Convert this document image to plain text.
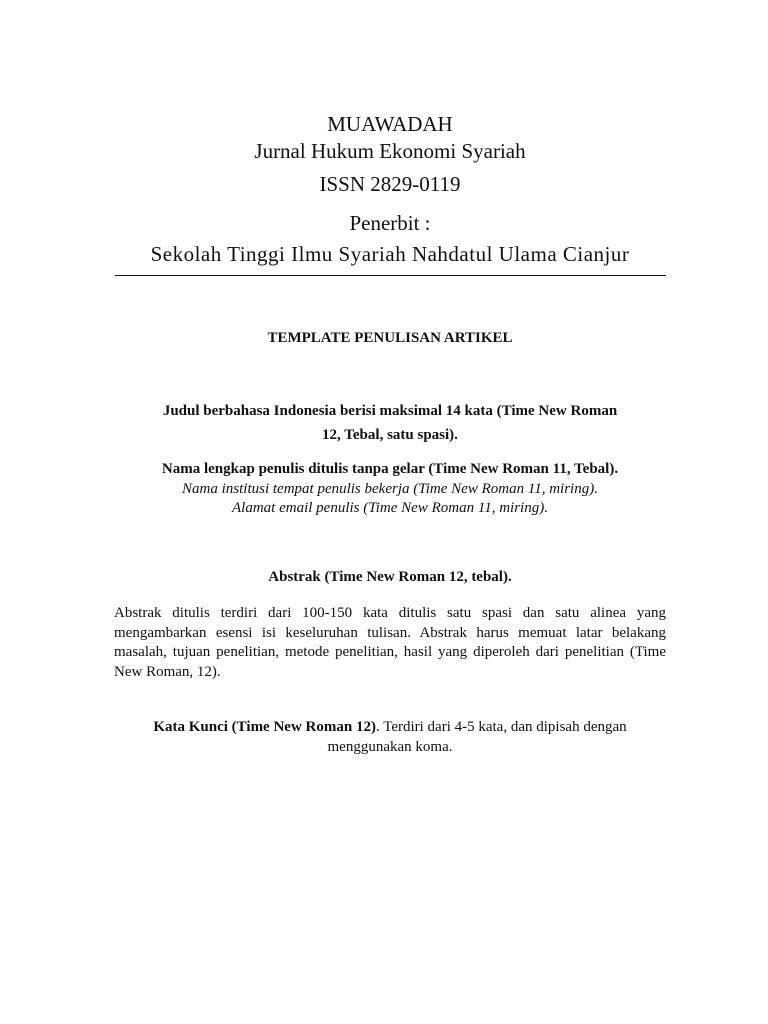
MUAWADAH
Jurnal Hukum Ekonomi Syariah
ISSN 2829-0119
Penerbit :
Sekolah Tinggi Ilmu Syariah Nahdatul Ulama Cianjur
TEMPLATE PENULISAN ARTIKEL
Judul berbahasa Indonesia berisi maksimal 14 kata (Time New Roman
12, Tebal, satu spasi).
Nama lengkap penulis ditulis tanpa gelar (Time New Roman 11, Tebal).
Nama institusi tempat penulis bekerja (Time New Roman 11, miring).
Alamat email penulis (Time New Roman 11, miring).
Abstrak (Time New Roman 12, tebal).
Abstrak ditulis terdiri dari 100-150 kata ditulis satu spasi dan satu alinea yang mengambarkan esensi isi keseluruhan tulisan. Abstrak harus memuat latar belakang masalah, tujuan penelitian, metode penelitian, hasil yang diperoleh dari penelitian (Time New Roman, 12).
Kata Kunci (Time New Roman 12). Terdiri dari 4-5 kata, dan dipisah dengan menggunakan koma.
